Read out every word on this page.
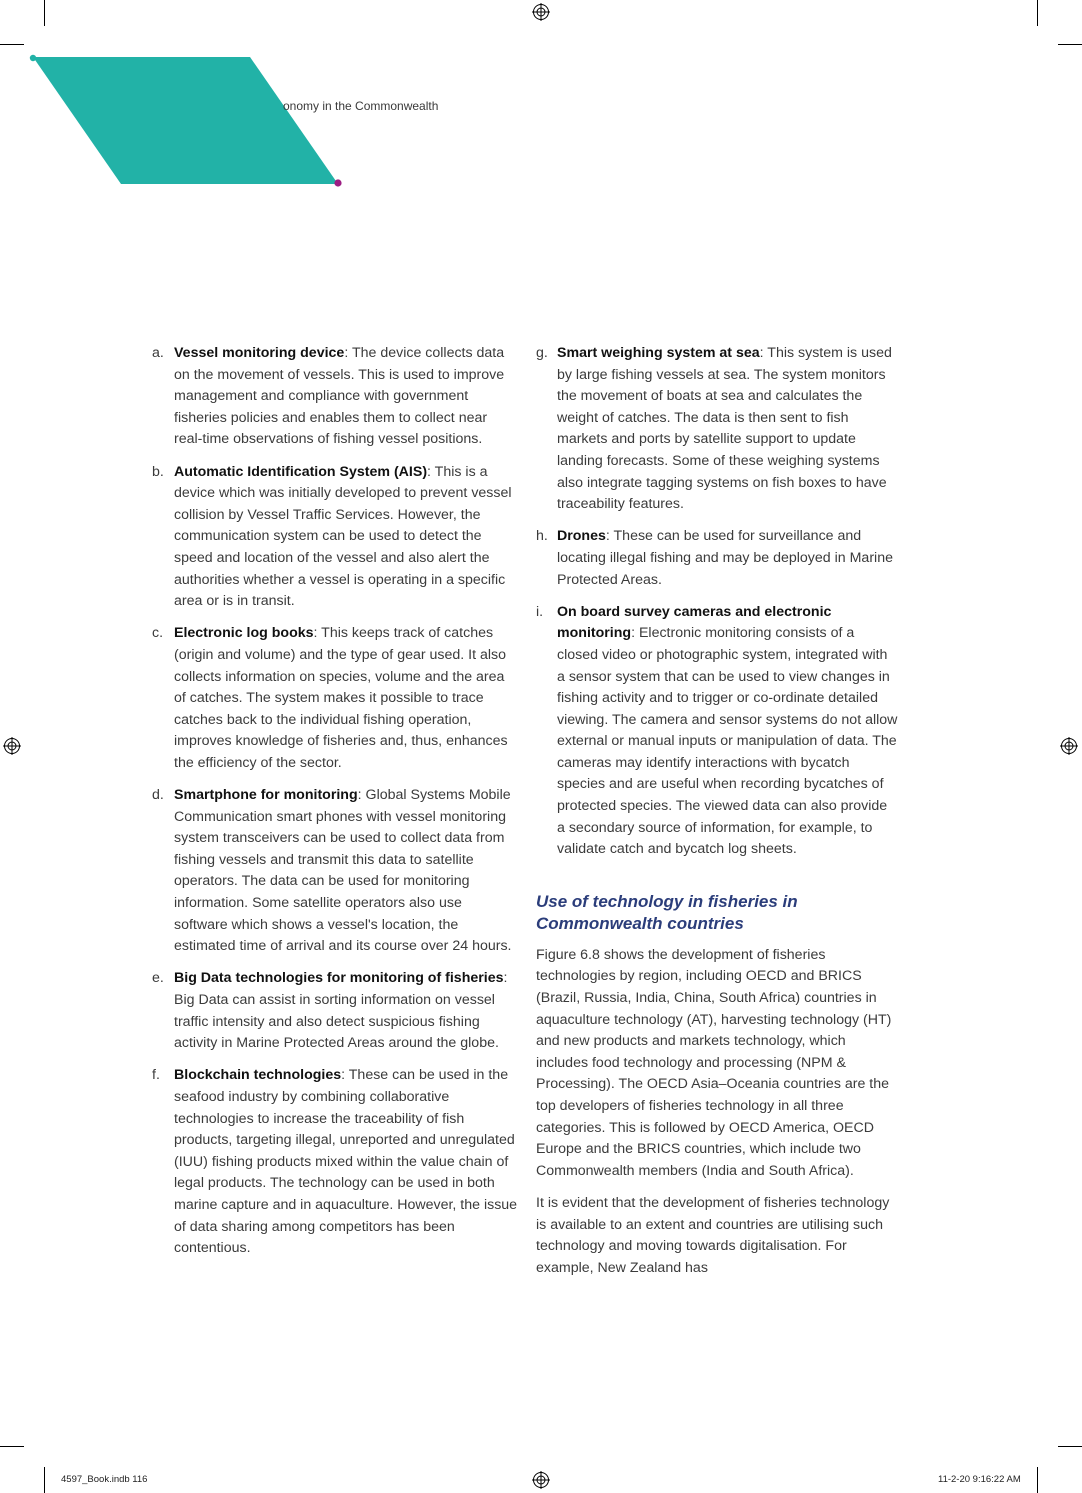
onomy in the Commonwealth
a. Vessel monitoring device: The device collects data on the movement of vessels. This is used to improve management and compliance with government fisheries policies and enables them to collect near real-time observations of fishing vessel positions.
b. Automatic Identification System (AIS): This is a device which was initially developed to prevent vessel collision by Vessel Traffic Services. However, the communication system can be used to detect the speed and location of the vessel and also alert the authorities whether a vessel is operating in a specific area or is in transit.
c. Electronic log books: This keeps track of catches (origin and volume) and the type of gear used. It also collects information on species, volume and the area of catches. The system makes it possible to trace catches back to the individual fishing operation, improves knowledge of fisheries and, thus, enhances the efficiency of the sector.
d. Smartphone for monitoring: Global Systems Mobile Communication smart phones with vessel monitoring system transceivers can be used to collect data from fishing vessels and transmit this data to satellite operators. The data can be used for monitoring information. Some satellite operators also use software which shows a vessel's location, the estimated time of arrival and its course over 24 hours.
e. Big Data technologies for monitoring of fisheries: Big Data can assist in sorting information on vessel traffic intensity and also detect suspicious fishing activity in Marine Protected Areas around the globe.
f. Blockchain technologies: These can be used in the seafood industry by combining collaborative technologies to increase the traceability of fish products, targeting illegal, unreported and unregulated (IUU) fishing products mixed within the value chain of legal products. The technology can be used in both marine capture and in aquaculture. However, the issue of data sharing among competitors has been contentious.
g. Smart weighing system at sea: This system is used by large fishing vessels at sea. The system monitors the movement of boats at sea and calculates the weight of catches. The data is then sent to fish markets and ports by satellite support to update landing forecasts. Some of these weighing systems also integrate tagging systems on fish boxes to have traceability features.
h. Drones: These can be used for surveillance and locating illegal fishing and may be deployed in Marine Protected Areas.
i. On board survey cameras and electronic monitoring: Electronic monitoring consists of a closed video or photographic system, integrated with a sensor system that can be used to view changes in fishing activity and to trigger or co-ordinate detailed viewing. The camera and sensor systems do not allow external or manual inputs or manipulation of data. The cameras may identify interactions with bycatch species and are useful when recording bycatches of protected species. The viewed data can also provide a secondary source of information, for example, to validate catch and bycatch log sheets.
Use of technology in fisheries in Commonwealth countries

Figure 6.8 shows the development of fisheries technologies by region, including OECD and BRICS (Brazil, Russia, India, China, South Africa) countries in aquaculture technology (AT), harvesting technology (HT) and new products and markets technology, which includes food technology and processing (NPM & Processing). The OECD Asia–Oceania countries are the top developers of fisheries technology in all three categories. This is followed by OECD America, OECD Europe and the BRICS countries, which include two Commonwealth members (India and South Africa).

It is evident that the development of fisheries technology is available to an extent and countries are utilising such technology and moving towards digitalisation. For example, New Zealand has

4597_Book.indb 116	11-2-20 9:16:22 AM
